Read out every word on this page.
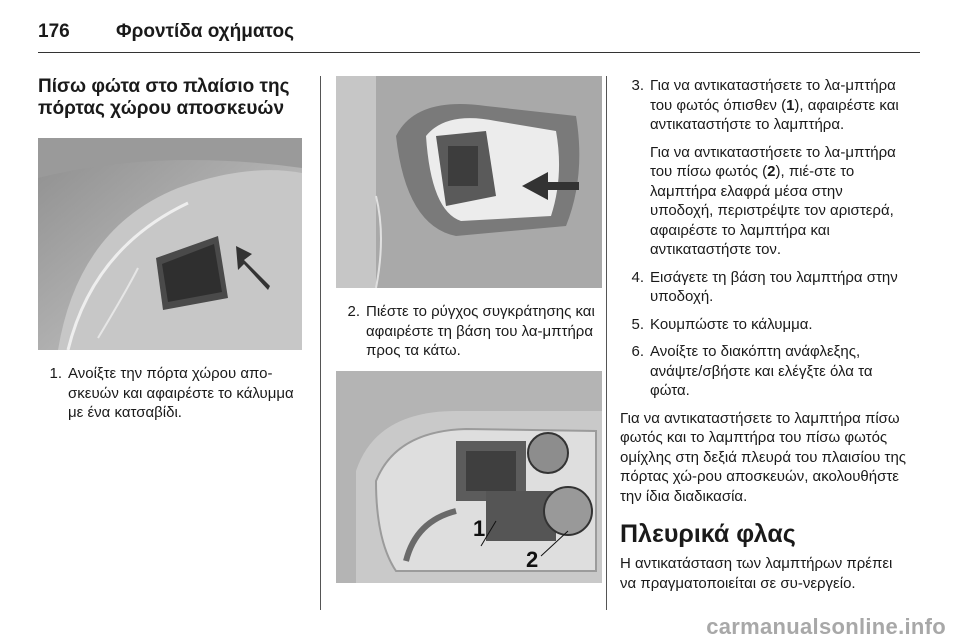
176	Φροντίδα οχήματος
Πίσω φώτα στο πλαίσιο της
πόρτας χώρου αποσκευών
1. Ανοίξτε την πόρτα χώρου απο-σκευών και αφαιρέστε το κάλυμμα με ένα κατσαβίδι.
2. Πιέστε το ρύγχος συγκράτησης και αφαιρέστε τη βάση του λα-μπτήρα προς τα κάτω.
1
2
3. Για να αντικαταστήσετε το λα-μπτήρα του φωτός όπισθεν (1), αφαιρέστε και αντικαταστήστε το λαμπτήρα.
Για να αντικαταστήσετε το λα-μπτήρα του πίσω φωτός (2), πιέ-στε το λαμπτήρα ελαφρά μέσα στην υποδοχή, περιστρέψτε τον αριστερά, αφαιρέστε το λαμπτήρα και αντικαταστήστε τον.
4. Εισάγετε τη βάση του λαμπτήρα στην υποδοχή.
5. Κουμπώστε το κάλυμμα.
6. Ανοίξτε το διακόπτη ανάφλεξης, ανάψτε/σβήστε και ελέγξτε όλα τα φώτα.
Για να αντικαταστήσετε το λαμπτήρα πίσω φωτός και το λαμπτήρα του πίσω φωτός ομίχλης στη δεξιά πλευρά του πλαισίου της πόρτας χώ-ρου αποσκευών, ακολουθήστε την ίδια διαδικασία.
Πλευρικά φλας
Η αντικατάσταση των λαμπτήρων πρέπει να πραγματοποιείται σε συ-νεργείο.
carmanualsonline.info
